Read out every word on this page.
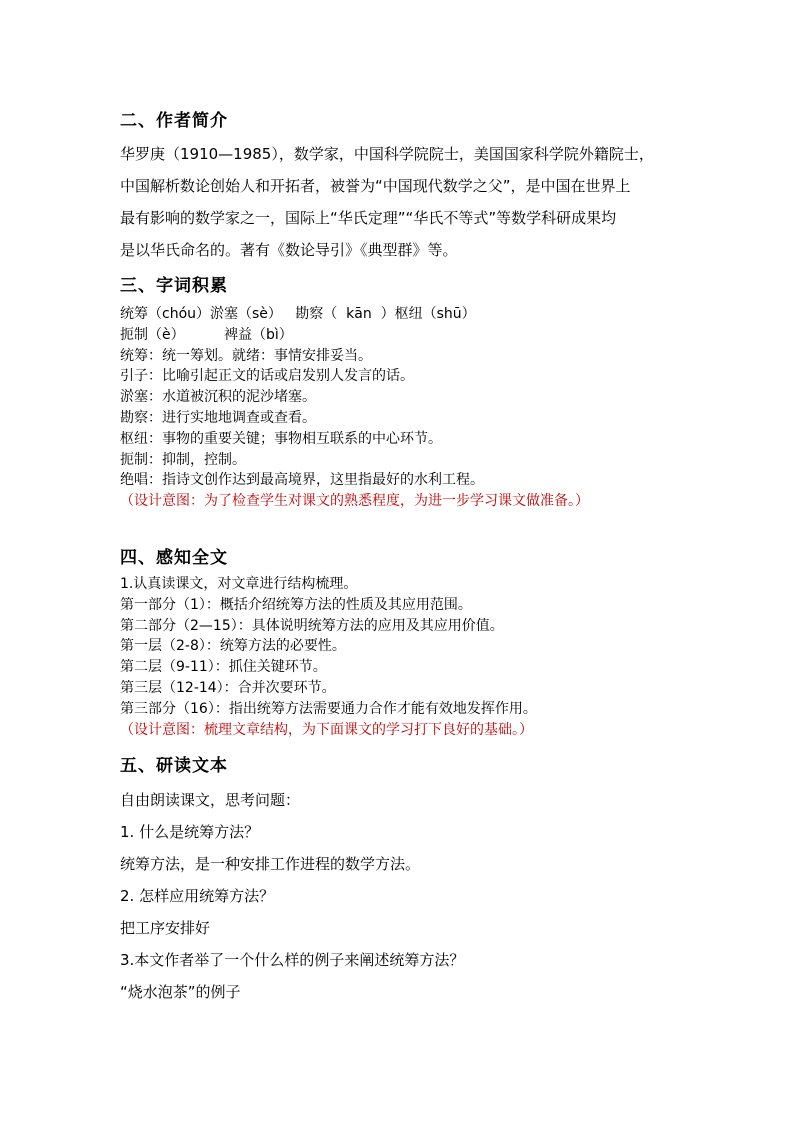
二、作者简介
华罗庚（1910—1985），数学家，中国科学院院士，美国国家科学院外籍院士，
中国解析数论创始人和开拓者，被誉为“中国现代数学之父”，是中国在世界上
最有影响的数学家之一，国际上“华氏定理”“华氏不等式”等数学科研成果均
是以华氏命名的。著有《数论导引》《典型群》等。
三、字词积累
统筹（chóu）淤塞（sè）   勘察（  kān  ）枢纽（shū）
扼制（è）	裨益（bì）
统筹：统一筹划。就绪：事情安排妥当。
引子：比喻引起正文的话或启发别人发言的话。
淤塞：水道被沉积的泥沙堵塞。
勘察：进行实地地调查或查看。
枢纽：事物的重要关键；事物相互联系的中心环节。
扼制：抑制，控制。
绝唱：指诗文创作达到最高境界，这里指最好的水利工程。
（设计意图：为了检查学生对课文的熟悉程度，为进一步学习课文做准备。）
四、感知全文
1.认真读课文，对文章进行结构梳理。
第一部分（1）：概括介绍统筹方法的性质及其应用范围。
第二部分（2—15）：具体说明统筹方法的应用及其应用价值。
第一层（2-8）：统筹方法的必要性。
第二层（9-11）：抓住关键环节。
第三层（12-14）：合并次要环节。
第三部分（16）：指出统筹方法需要通力合作才能有效地发挥作用。
（设计意图：梳理文章结构，为下面课文的学习打下良好的基础。）
五、研读文本
自由朗读课文，思考问题：
1. 什么是统筹方法？
统筹方法，是一种安排工作进程的数学方法。
2. 怎样应用统筹方法？
把工序安排好
3.本文作者举了一个什么样的例子来阐述统筹方法？
“烧水泡茶”的例子
